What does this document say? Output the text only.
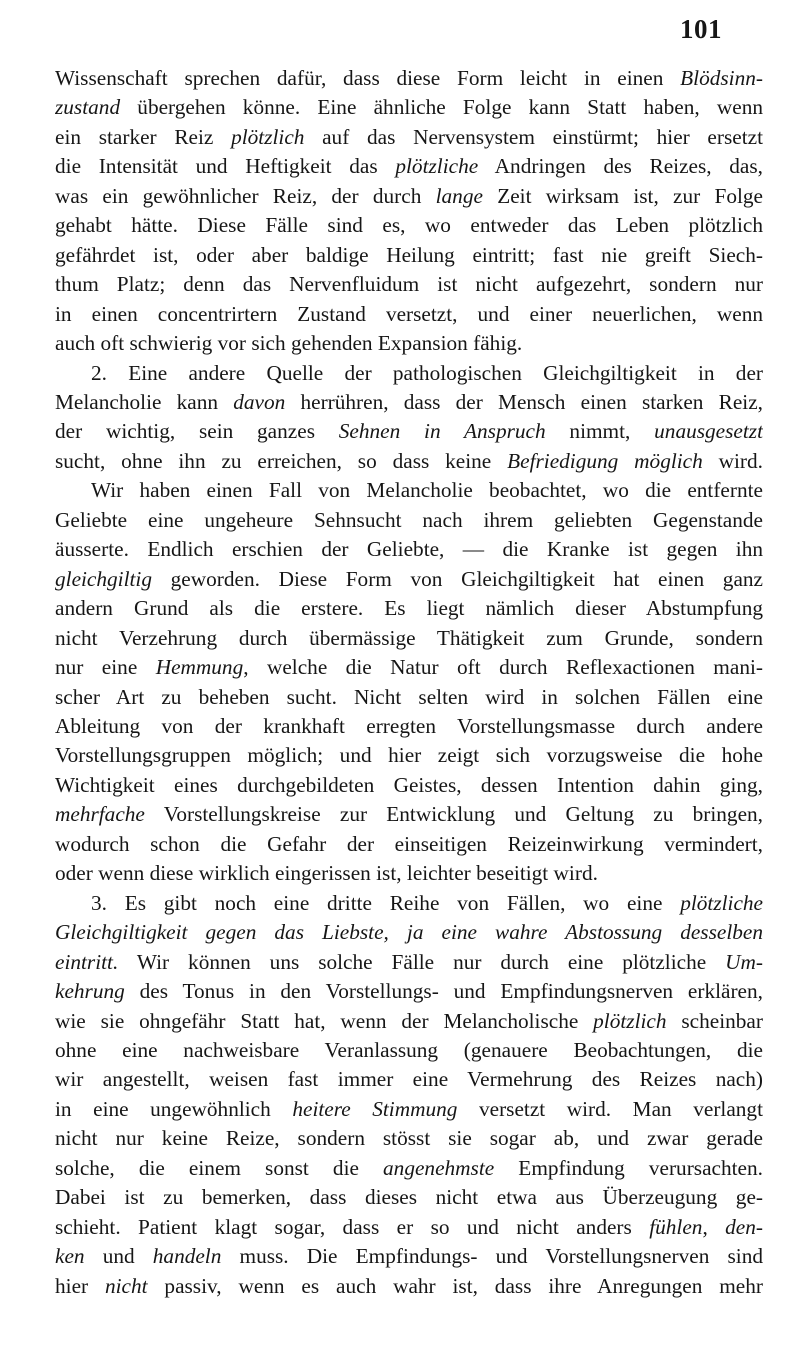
101
Wissenschaft sprechen dafür, dass diese Form leicht in einen Blödsinn-
zustand übergehen könne. Eine ähnliche Folge kann Statt haben, wenn
ein starker Reiz plötzlich auf das Nervensystem einstürmt; hier ersetzt
die Intensität und Heftigkeit das plötzliche Andringen des Reizes, das,
was ein gewöhnlicher Reiz, der durch lange Zeit wirksam ist, zur Folge
gehabt hätte. Diese Fälle sind es, wo entweder das Leben plötzlich
gefährdet ist, oder aber baldige Heilung eintritt; fast nie greift Siech-
thum Platz; denn das Nervenfluidum ist nicht aufgezehrt, sondern nur
in einen concentrirtern Zustand versetzt, und einer neuerlichen, wenn
auch oft schwierig vor sich gehenden Expansion fähig.
2. Eine andere Quelle der pathologischen Gleichgiltigkeit in der
Melancholie kann davon herrühren, dass der Mensch einen starken Reiz,
der wichtig, sein ganzes Sehnen in Anspruch nimmt, unausgesetzt
sucht, ohne ihn zu erreichen, so dass keine Befriedigung möglich wird.
Wir haben einen Fall von Melancholie beobachtet, wo die entfernte
Geliebte eine ungeheure Sehnsucht nach ihrem geliebten Gegenstande
äusserte. Endlich erschien der Geliebte, — die Kranke ist gegen ihn
gleichgiltig geworden. Diese Form von Gleichgiltigkeit hat einen ganz
andern Grund als die erstere. Es liegt nämlich dieser Abstumpfung
nicht Verzehrung durch übermässige Thätigkeit zum Grunde, sondern
nur eine Hemmung, welche die Natur oft durch Reflexactionen mani-
scher Art zu beheben sucht. Nicht selten wird in solchen Fällen eine
Ableitung von der krankhaft erregten Vorstellungsmasse durch andere
Vorstellungsgruppen möglich; und hier zeigt sich vorzugsweise die hohe
Wichtigkeit eines durchgebildeten Geistes, dessen Intention dahin ging,
mehrfache Vorstellungskreise zur Entwicklung und Geltung zu bringen,
wodurch schon die Gefahr der einseitigen Reizeinwirkung vermindert,
oder wenn diese wirklich eingerissen ist, leichter beseitigt wird.
3. Es gibt noch eine dritte Reihe von Fällen, wo eine plötzliche
Gleichgiltigkeit gegen das Liebste, ja eine wahre Abstossung desselben
eintritt. Wir können uns solche Fälle nur durch eine plötzliche Um-
kehrung des Tonus in den Vorstellungs- und Empfindungsnerven erklären,
wie sie ohngefähr Statt hat, wenn der Melancholische plötzlich scheinbar
ohne eine nachweisbare Veranlassung (genauere Beobachtungen, die
wir angestellt, weisen fast immer eine Vermehrung des Reizes nach)
in eine ungewöhnlich heitere Stimmung versetzt wird. Man verlangt
nicht nur keine Reize, sondern stösst sie sogar ab, und zwar gerade
solche, die einem sonst die angenehmste Empfindung verursachten.
Dabei ist zu bemerken, dass dieses nicht etwa aus Überzeugung ge-
schieht. Patient klagt sogar, dass er so und nicht anders fühlen, den-
ken und handeln muss. Die Empfindungs- und Vorstellungsnerven sind
hier nicht passiv, wenn es auch wahr ist, dass ihre Anregungen mehr
